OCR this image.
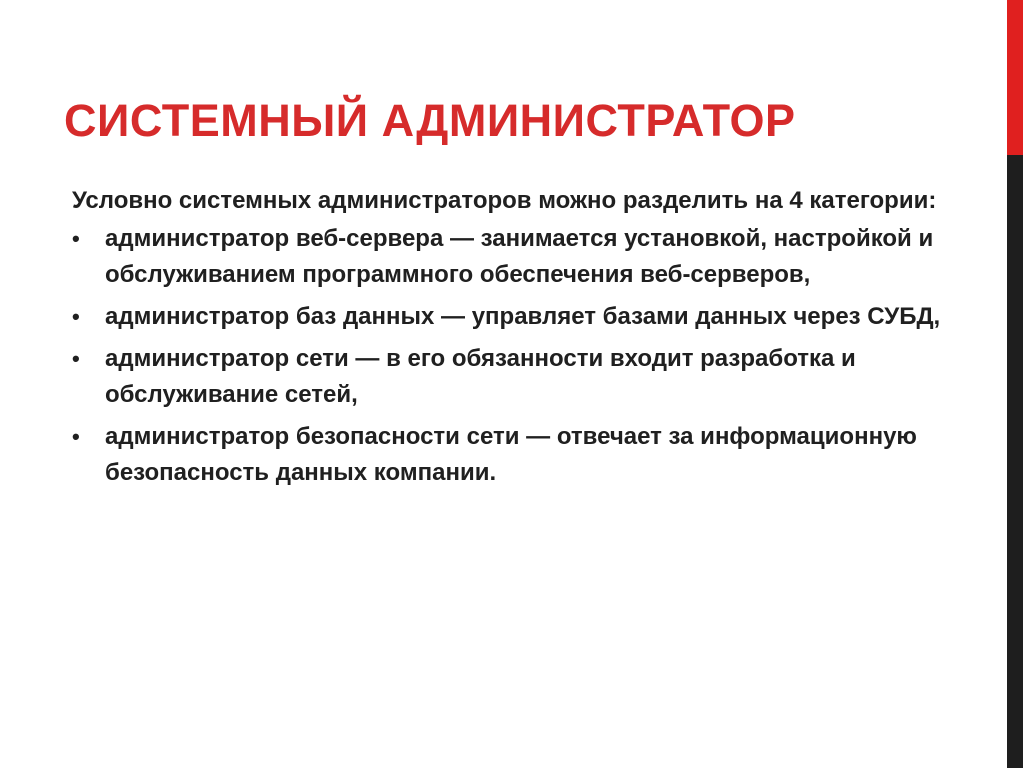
СИСТЕМНЫЙ АДМИНИСТРАТОР

Условно системных администраторов можно разделить на 4 категории:

•	администратор веб-сервера — занимается установкой, настройкой и обслуживанием программного обеспечения веб-серверов,
•	администратор баз данных — управляет базами данных через СУБД,
•	администратор сети — в его обязанности входит разработка и обслуживание сетей,
•	администратор безопасности сети — отвечает за информационную безопасность данных компании.
